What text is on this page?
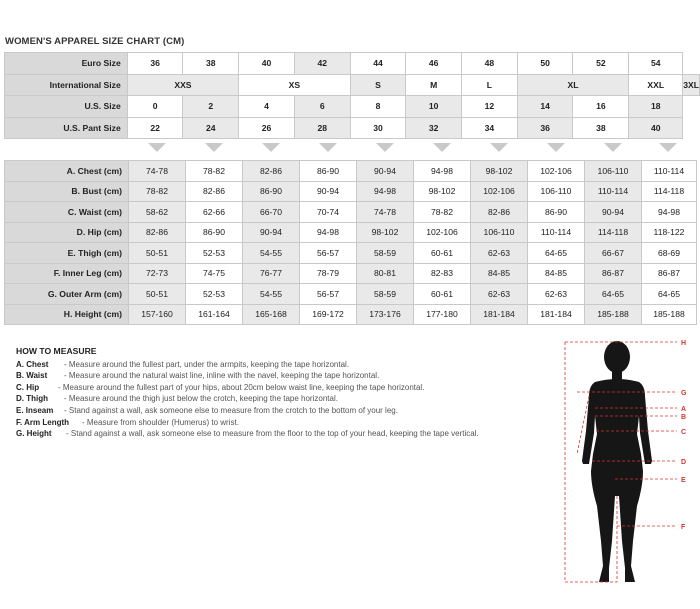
WOMEN'S APPAREL SIZE CHART (CM)
Euro Size	36	38	40	42	44	46	48	50	52	54	
International Size	XXS		XS		S	M	L	XL		XXL	3XL
U.S. Size	0	2	4	6	8	10	12	14	16	18	
U.S. Pant Size	22	24	26	28	30	32	34	36	38	40	
A. Chest (cm)	74-78	78-82	82-86	86-90	90-94	94-98	98-102	102-106	106-110	110-114
B. Bust (cm)	78-82	82-86	86-90	90-94	94-98	98-102	102-106	106-110	110-114	114-118
C. Waist (cm)	58-62	62-66	66-70	70-74	74-78	78-82	82-86	86-90	90-94	94-98
D. Hip (cm)	82-86	86-90	90-94	94-98	98-102	102-106	106-110	110-114	114-118	118-122
E. Thigh (cm)	50-51	52-53	54-55	56-57	58-59	60-61	62-63	64-65	66-67	68-69
F. Inner Leg (cm)	72-73	74-75	76-77	78-79	80-81	82-83	84-85	84-85	86-87	86-87
G. Outer Arm (cm)	50-51	52-53	54-55	56-57	58-59	60-61	62-63	62-63	64-65	64-65
H. Height (cm)	157-160	161-164	165-168	169-172	173-176	177-180	181-184	181-184	185-188	185-188
HOW TO MEASURE
A. Chest - Measure around the fullest part, under the armpits, keeping the tape horizontal.
B. Waist - Measure around the natural waist line, inline with the navel, keeping the tape horizontal.
C. Hip - Measure around the fullest part of your hips, about 20cm below waist line, keeping the tape horizontal.
D. Thigh - Measure around the thigh just below the crotch, keeping the tape horizontal.
E. Inseam - Stand against a wall, ask someone else to measure from the crotch to the bottom of your leg.
F. Arm Length - Measure from shoulder (Humerus) to wrist.
G. Height - Stand against a wall, ask someone else to measure from the floor to the top of your head, keeping the tape vertical.
H
G
A
B
C
D
E
F
